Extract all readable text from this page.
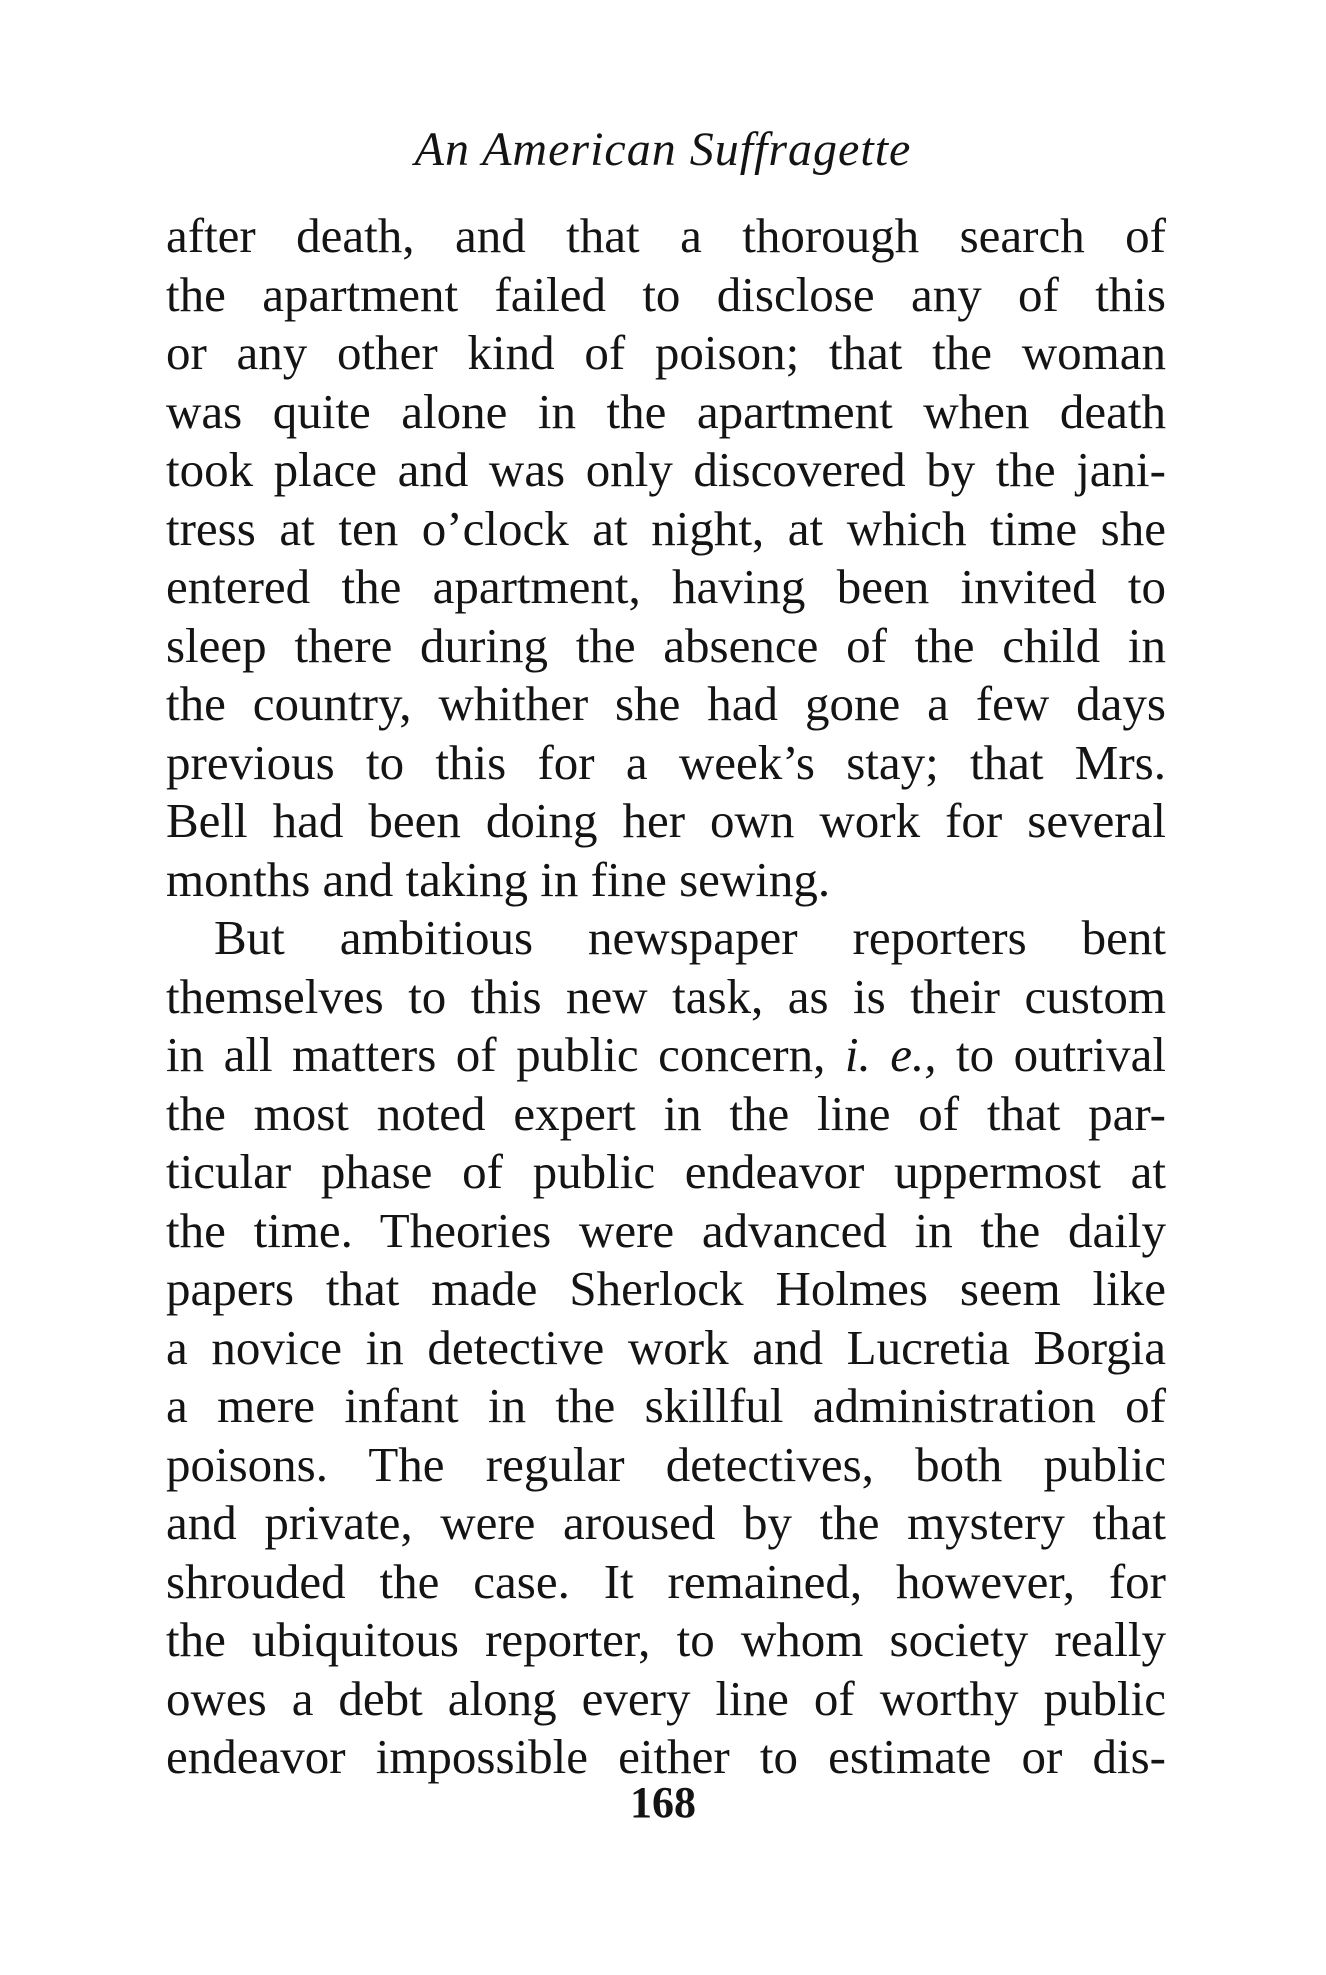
An American Suffragette
after death, and that a thorough search of
the apartment failed to disclose any of this
or any other kind of poison; that the woman
was quite alone in the apartment when death
took place and was only discovered by the jani-
tress at ten o’clock at night, at which time she
entered the apartment, having been invited to
sleep there during the absence of the child in
the country, whither she had gone a few days
previous to this for a week’s stay; that Mrs.
Bell had been doing her own work for several
months and taking in fine sewing.
But ambitious newspaper reporters bent
themselves to this new task, as is their custom
in all matters of public concern, i. e., to outrival
the most noted expert in the line of that par-
ticular phase of public endeavor uppermost at
the time. Theories were advanced in the daily
papers that made Sherlock Holmes seem like
a novice in detective work and Lucretia Borgia
a mere infant in the skillful administration of
poisons. The regular detectives, both public
and private, were aroused by the mystery that
shrouded the case. It remained, however, for
the ubiquitous reporter, to whom society really
owes a debt along every line of worthy public
endeavor impossible either to estimate or dis-
168
